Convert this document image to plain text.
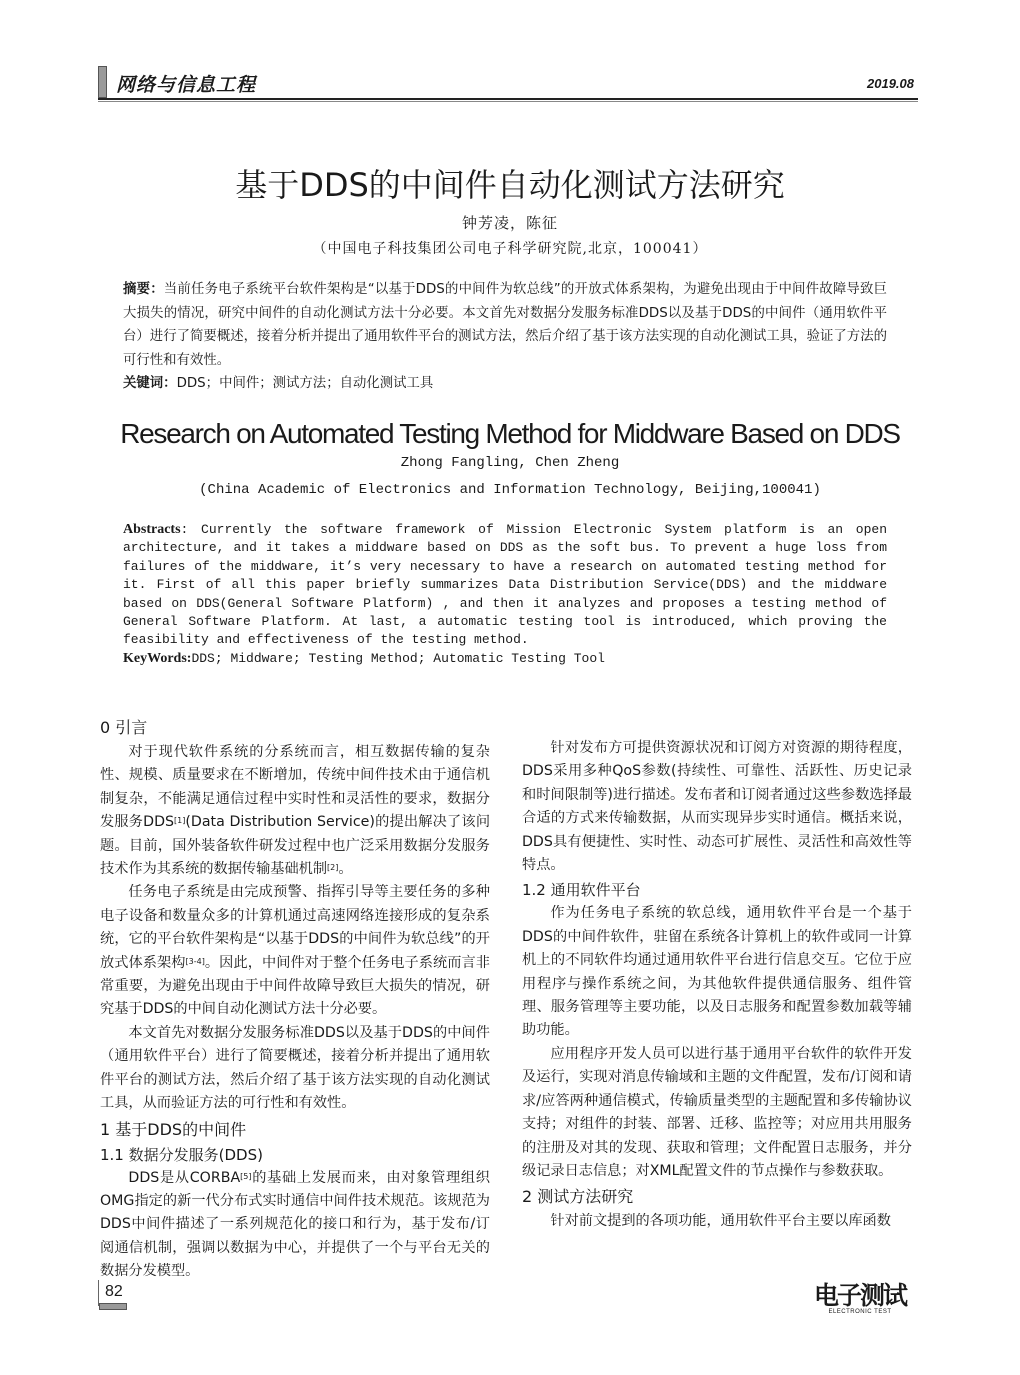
网络与信息工程	2019.08
基于DDS的中间件自动化测试方法研究
钟芳凌，陈征
（中国电子科技集团公司电子科学研究院,北京，100041）
摘要：当前任务电子系统平台软件架构是“以基于DDS的中间件为软总线”的开放式体系架构，为避免出现由于中间件故障导致巨大损失的情况，研究中间件的自动化测试方法十分必要。本文首先对数据分发服务标准DDS以及基于DDS的中间件（通用软件平台）进行了简要概述，接着分析并提出了通用软件平台的测试方法，然后介绍了基于该方法实现的自动化测试工具，验证了方法的可行性和有效性。
关键词：DDS；中间件；测试方法；自动化测试工具
Research on Automated Testing Method for Middware Based on DDS
Zhong Fangling, Chen Zheng
(China Academic of Electronics and Information Technology, Beijing,100041)
Abstracts: Currently the software framework of Mission Electronic System platform is an open architecture, and it takes a middware based on DDS as the soft bus. To prevent a huge loss from failures of the middware, it’s very necessary to have a research on automated testing method for it. First of all this paper briefly summarizes Data Distribution Service(DDS) and the middware based on DDS(General Software Platform) , and then it analyzes and proposes a testing method of General Software Platform. At last, a automatic testing tool is introduced, which proving the feasibility and effectiveness of the testing method.
KeyWords:DDS; Middware; Testing Method; Automatic Testing Tool
0 引言

对于现代软件系统的分系统而言，相互数据传输的复杂性、规模、质量要求在不断增加，传统中间件技术由于通信机制复杂，不能满足通信过程中实时性和灵活性的要求，数据分发服务DDS[1](Data Distribution Service)的提出解决了该问题。目前，国外装备软件研发过程中也广泛采用数据分发服务技术作为其系统的数据传输基础机制[2]。

任务电子系统是由完成预警、指挥引导等主要任务的多种电子设备和数量众多的计算机通过高速网络连接形成的复杂系统，它的平台软件架构是“以基于DDS的中间件为软总线”的开放式体系架构[3-4]。因此，中间件对于整个任务电子系统而言非常重要，为避免出现由于中间件故障导致巨大损失的情况，研究基于DDS的中间自动化测试方法十分必要。

本文首先对数据分发服务标准DDS以及基于DDS的中间件（通用软件平台）进行了简要概述，接着分析并提出了通用软件平台的测试方法，然后介绍了基于该方法实现的自动化测试工具，从而验证方法的可行性和有效性。

1 基于DDS的中间件
1.1 数据分发服务(DDS)

DDS是从CORBA[5]的基础上发展而来，由对象管理组织OMG指定的新一代分布式实时通信中间件技术规范。该规范为DDS中间件描述了一系列规范化的接口和行为，基于发布/订阅通信机制，强调以数据为中心，并提供了一个与平台无关的数据分发模型。

针对发布方可提供资源状况和订阅方对资源的期待程度，DDS采用多种QoS参数(持续性、可靠性、活跃性、历史记录和时间限制等)进行描述。发布者和订阅者通过这些参数选择最合适的方式来传输数据，从而实现异步实时通信。概括来说，DDS具有便捷性、实时性、动态可扩展性、灵活性和高效性等特点。

1.2 通用软件平台

作为任务电子系统的软总线，通用软件平台是一个基于DDS的中间件软件，驻留在系统各计算机上的软件或同一计算机上的不同软件均通过通用软件平台进行信息交互。它位于应用程序与操作系统之间，为其他软件提供通信服务、组件管理、服务管理等主要功能，以及日志服务和配置参数加载等辅助功能。

应用程序开发人员可以进行基于通用平台软件的软件开发及运行，实现对消息传输域和主题的文件配置，发布/订阅和请求/应答两种通信模式，传输质量类型的主题配置和多传输协议支持；对组件的封装、部署、迁移、监控等；对应用共用服务的注册及对其的发现、获取和管理；文件配置日志服务，并分级记录日志信息；对XML配置文件的节点操作与参数获取。

2 测试方法研究

针对前文提到的各项功能，通用软件平台主要以库函数

82	电子测试
ELECTRONIC TEST
